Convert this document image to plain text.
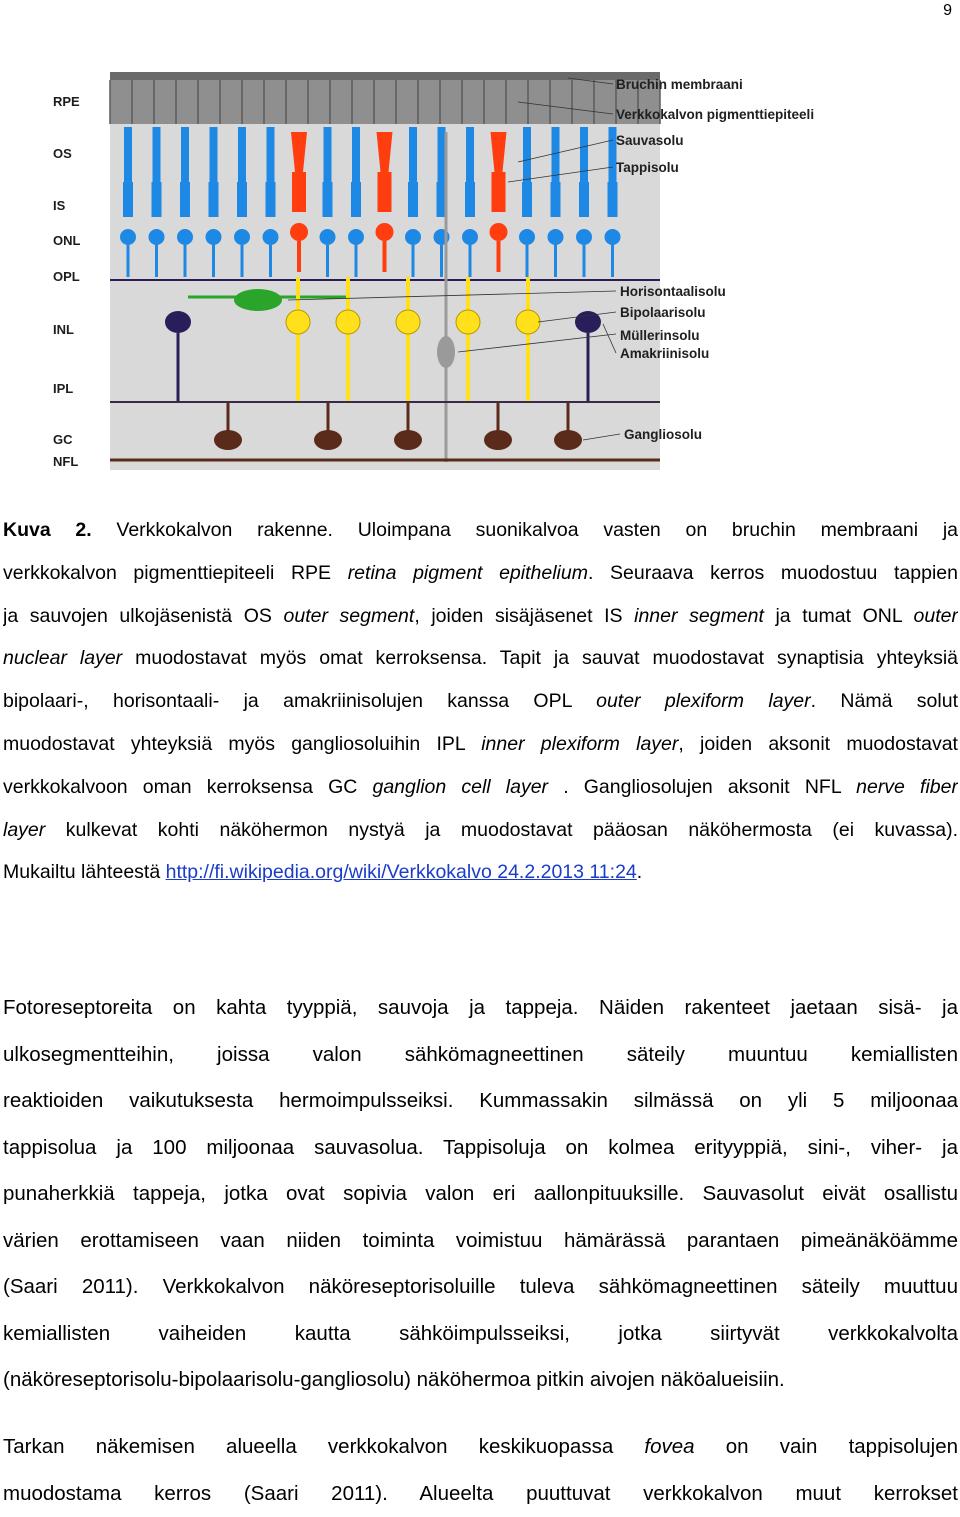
9
RPE
OS
IS
ONL
OPL
INL
IPL
GC
NFL
Bruchin membraani
Verkkokalvon pigmenttiepiteeli
Sauvasolu
Tappisolu
Horisontaalisolu
Bipolaarisolu
Müllerinsolu
Amakriinisolu
Gangliosolu
Kuva 2. Verkkokalvon rakenne. Uloimpana suonikalvoa vasten on bruchin membraani ja
verkkokalvon pigmenttiepiteeli RPE retina pigment epithelium. Seuraava kerros muodostuu tappien
ja sauvojen ulkojäsenistä OS outer segment, joiden sisäjäsenet IS inner segment ja tumat ONL outer
nuclear layer muodostavat myös omat kerroksensa. Tapit ja sauvat muodostavat synaptisia yhteyksiä
bipolaari-, horisontaali- ja amakriinisolujen kanssa OPL outer plexiform layer. Nämä solut
muodostavat yhteyksiä myös gangliosoluihin IPL inner plexiform layer, joiden aksonit muodostavat
verkkokalvoon oman kerroksensa GC ganglion cell layer . Gangliosolujen aksonit NFL nerve fiber
layer kulkevat kohti näköhermon nystyä ja muodostavat pääosan näköhermosta (ei kuvassa).
Mukailtu lähteestä http://fi.wikipedia.org/wiki/Verkkokalvo 24.2.2013 11:24.
Fotoreseptoreita on kahta tyyppiä, sauvoja ja tappeja. Näiden rakenteet jaetaan sisä- ja
ulkosegmentteihin, joissa valon sähkömagneettinen säteily muuntuu kemiallisten
reaktioiden vaikutuksesta hermoimpulsseiksi. Kummassakin silmässä on yli 5 miljoonaa
tappisolua ja 100 miljoonaa sauvasolua. Tappisoluja on kolmea erityyppiä, sini-, viher- ja
punaherkkiä tappeja, jotka ovat sopivia valon eri aallonpituuksille. Sauvasolut eivät osallistu
värien erottamiseen vaan niiden toiminta voimistuu hämärässä parantaen pimeänäköämme
(Saari 2011). Verkkokalvon näköreseptorisoluille tuleva sähkömagneettinen säteily muuttuu
kemiallisten vaiheiden kautta sähköimpulsseiksi, jotka siirtyvät verkkokalvolta
(näköreseptorisolu-bipolaarisolu-gangliosolu) näköhermoa pitkin aivojen näköalueisiin.
Tarkan näkemisen alueella verkkokalvon keskikuopassa fovea on vain tappisolujen
muodostama kerros (Saari 2011). Alueelta puuttuvat verkkokalvon muut kerrokset
